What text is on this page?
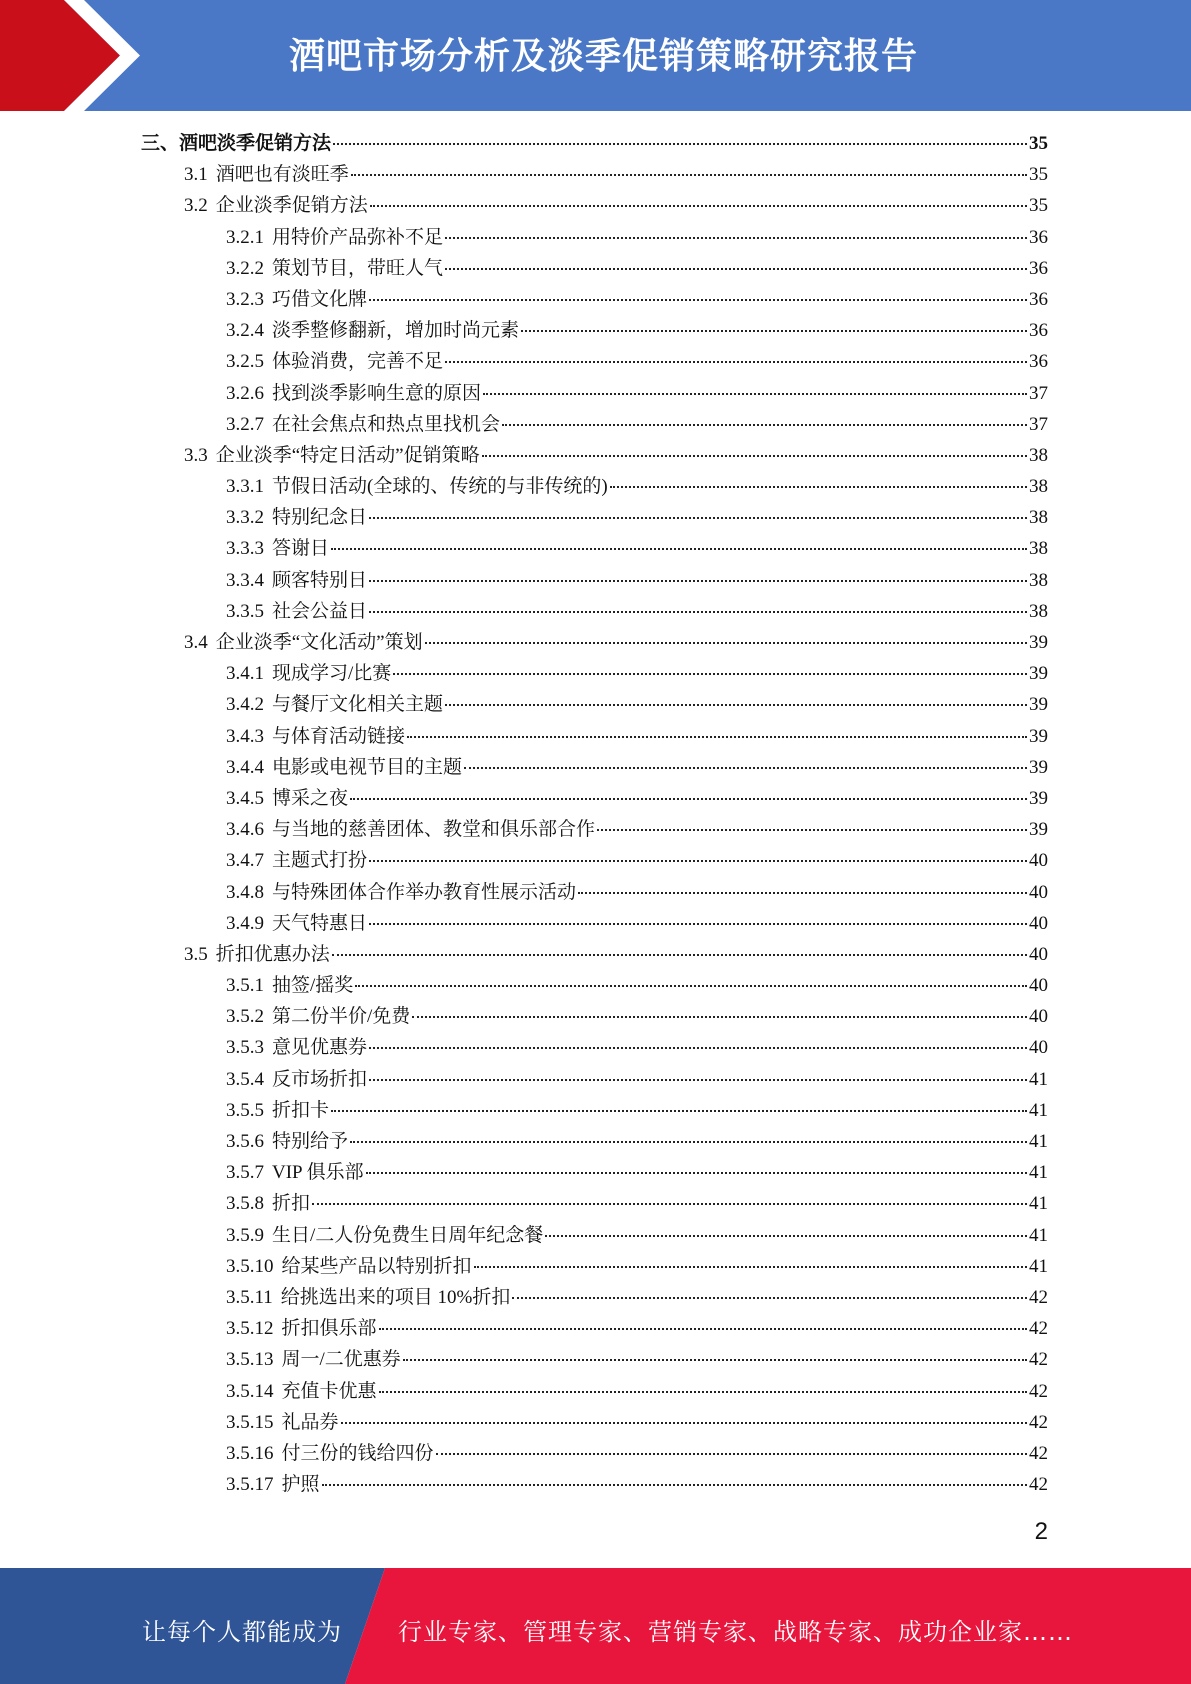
酒吧市场分析及淡季促销策略研究报告
三、 酒吧淡季促销方法	35
3.1 酒吧也有淡旺季	35
3.2 企业淡季促销方法	35
3.2.1 用特价产品弥补不足	36
3.2.2 策划节目，带旺人气	36
3.2.3 巧借文化牌	36
3.2.4 淡季整修翻新，增加时尚元素	36
3.2.5 体验消费，完善不足	36
3.2.6 找到淡季影响生意的原因	37
3.2.7 在社会焦点和热点里找机会	37
3.3 企业淡季“特定日活动”促销策略	38
3.3.1 节假日活动(全球的、传统的与非传统的)	38
3.3.2 特别纪念日	38
3.3.3 答谢日	38
3.3.4 顾客特别日	38
3.3.5 社会公益日	38
3.4 企业淡季“文化活动”策划	39
3.4.1 现成学习/比赛	39
3.4.2 与餐厅文化相关主题	39
3.4.3 与体育活动链接	39
3.4.4 电影或电视节目的主题	39
3.4.5 博采之夜	39
3.4.6 与当地的慈善团体、教堂和俱乐部合作	39
3.4.7 主题式打扮	40
3.4.8 与特殊团体合作举办教育性展示活动	40
3.4.9 天气特惠日	40
3.5 折扣优惠办法	40
3.5.1 抽签/摇奖	40
3.5.2 第二份半价/免费	40
3.5.3 意见优惠券	40
3.5.4 反市场折扣	41
3.5.5 折扣卡	41
3.5.6 特别给予	41
3.5.7 VIP 俱乐部	41
3.5.8 折扣	41
3.5.9 生日/二人份免费生日周年纪念餐	41
3.5.10 给某些产品以特别折扣	41
3.5.11 给挑选出来的项目 10%折扣	42
3.5.12 折扣俱乐部	42
3.5.13 周一/二优惠券	42
3.5.14 充值卡优惠	42
3.5.15 礼品券	42
3.5.16 付三份的钱给四份	42
3.5.17 护照	42
2
让每个人都能成为 行业专家、管理专家、营销专家、战略专家、成功企业家……
